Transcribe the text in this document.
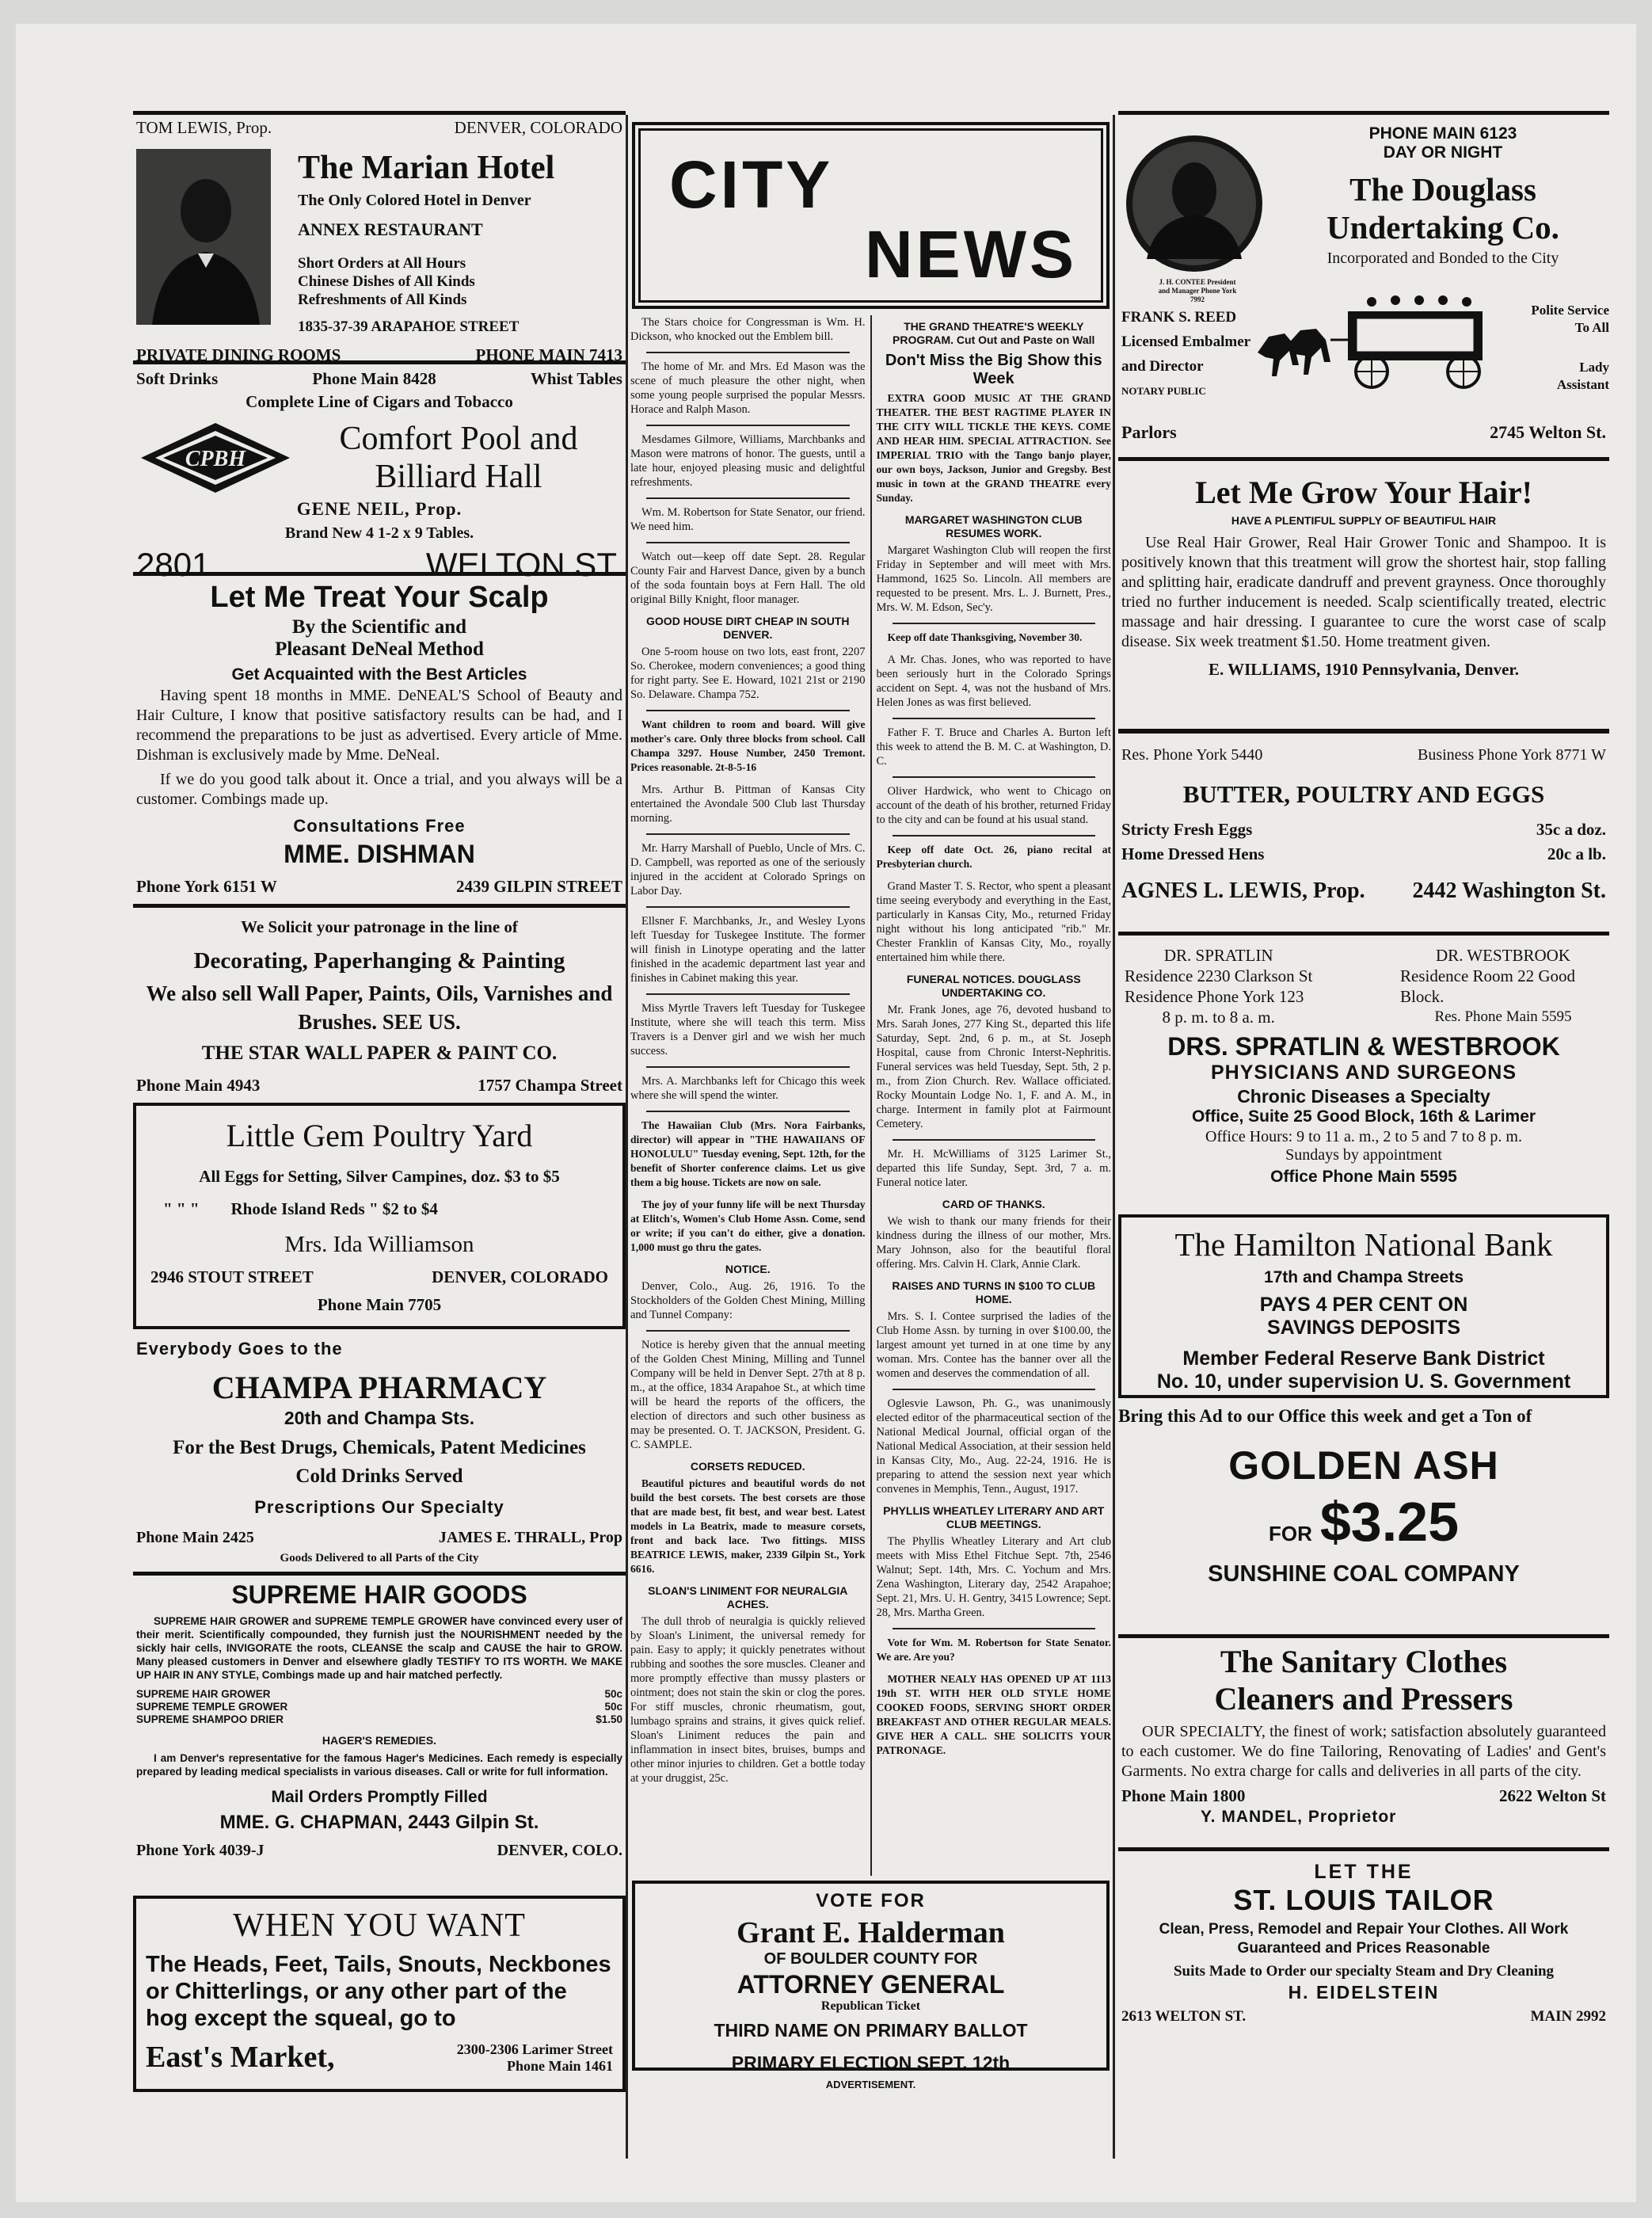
TOM LEWIS, Prop.	DENVER, COLORADO
The Marian Hotel
The Only Colored Hotel in Denver
ANNEX RESTAURANT
Short Orders at All Hours
Chinese Dishes of All Kinds
Refreshments of All Kinds
1835-37-39 ARAPAHOE STREET
PRIVATE DINING ROOMS	PHONE MAIN 7413
Soft Drinks	Phone Main 8428	Whist Tables
Complete Line of Cigars and Tobacco
CPBH
Comfort Pool and
Billiard Hall
GENE NEIL, Prop.
Brand New 4 1-2 x 9 Tables.
2801	WELTON ST.
Let Me Treat Your Scalp
By the Scientific and
Pleasant DeNeal Method
Get Acquainted with the Best Articles

Having spent 18 months in MME. DeNEAL'S School of Beauty and Hair Culture, I know that positive satisfactory results can be had, and I recommend the preparations to be just as advertised. Every article of Mme. Dishman is exclusively made by Mme. DeNeal.

If we do you good talk about it. Once a trial, and you always will be a customer. Combings made up.

Consultations Free
MME. DISHMAN
Phone York 6151 W	2439 GILPIN STREET
We Solicit your patronage in the line of
Decorating, Paperhanging & Painting
We also sell Wall Paper, Paints, Oils, Varnishes and Brushes. SEE US.
THE STAR WALL PAPER & PAINT CO.
Phone Main 4943	1757 Champa Street
Little Gem Poultry Yard
All Eggs for Setting, Silver Campines, doz. $3 to $5
" " " Rhode Island Reds " $2 to $4
Mrs. Ida Williamson
2946 STOUT STREET	DENVER, COLORADO
Phone Main 7705
Everybody Goes to the
CHAMPA PHARMACY
20th and Champa Sts.
For the Best Drugs, Chemicals, Patent Medicines
Cold Drinks Served
Prescriptions Our Specialty
Phone Main 2425	JAMES E. THRALL, Prop
Goods Delivered to all Parts of the City
SUPREME HAIR GOODS

SUPREME HAIR GROWER and SUPREME TEMPLE GROWER have convinced every user of their merit. Scientifically compounded, they furnish just the NOURISHMENT needed by the sickly hair cells, INVIGORATE the roots, CLEANSE the scalp and CAUSE the hair to GROW. Many pleased customers in Denver and elsewhere gladly TESTIFY TO ITS WORTH. We MAKE UP HAIR IN ANY STYLE, Combings made up and hair matched perfectly.

SUPREME HAIR GROWER	50c
SUPREME TEMPLE GROWER	50c
SUPREME SHAMPOO DRIER	$1.50
HAGER'S REMEDIES.

I am Denver's representative for the famous Hager's Medicines. Each remedy is especially prepared by leading medical specialists in various diseases. Call or write for full information.

Mail Orders Promptly Filled
MME. G. CHAPMAN, 2443 Gilpin St.
Phone York 4039-J	DENVER, COLO.
WHEN YOU WANT
The Heads, Feet, Tails, Snouts, Neckbones or Chitterlings, or any other part of the hog except the squeal, go to
East's Market,	2300-2306 Larimer Street
Phone Main 1461
CITY
NEWS

The Stars choice for Congressman is Wm. H. Dickson, who knocked out the Emblem bill.

The home of Mr. and Mrs. Ed Mason was the scene of much pleasure the other night, when some young people surprised the popular Messrs. Horace and Ralph Mason.

Mesdames Gilmore, Williams, Marchbanks and Mason were matrons of honor. The guests, until a late hour, enjoyed pleasing music and delightful refreshments.

Wm. M. Robertson for State Senator, our friend. We need him.

Watch out—keep off date Sept. 28. Regular County Fair and Harvest Dance, given by a bunch of the soda fountain boys at Fern Hall. The old original Billy Knight, floor manager.

GOOD HOUSE DIRT CHEAP IN SOUTH DENVER.

One 5-room house on two lots, east front, 2207 So. Cherokee, modern conveniences; a good thing for right party. See E. Howard, 1021 21st or 2190 So. Delaware. Champa 752.

Want children to room and board. Will give mother's care. Only three blocks from school. Call Champa 3297. House Number, 2450 Tremont. Prices reasonable. 2t-8-5-16

Mrs. Arthur B. Pittman of Kansas City entertained the Avondale 500 Club last Thursday morning.

Mr. Harry Marshall of Pueblo, Uncle of Mrs. C. D. Campbell, was reported as one of the seriously injured in the accident at Colorado Springs on Labor Day.

Ellsner F. Marchbanks, Jr., and Wesley Lyons left Tuesday for Tuskegee Institute. The former will finish in Linotype operating and the latter finished in the academic department last year and finishes in Cabinet making this year.

Miss Myrtle Travers left Tuesday for Tuskegee Institute, where she will teach this term. Miss Travers is a Denver girl and we wish her much success.

Mrs. A. Marchbanks left for Chicago this week where she will spend the winter.

The Hawaiian Club (Mrs. Nora Fairbanks, director) will appear in "THE HAWAIIANS OF HONOLULU" Tuesday evening, Sept. 12th, for the benefit of Shorter conference claims. Let us give them a big house. Tickets are now on sale.

The joy of your funny life will be next Thursday at Elitch's, Women's Club Home Assn. Come, send or write; if you can't do either, give a donation. 1,000 must go thru the gates.

NOTICE.

Denver, Colo., Aug. 26, 1916. To the Stockholders of the Golden Chest Mining, Milling and Tunnel Company:

Notice is hereby given that the annual meeting of the Golden Chest Mining, Milling and Tunnel Company will be held in Denver Sept. 27th at 8 p. m., at the office, 1834 Arapahoe St., at which time will be heard the reports of the officers, the election of directors and such other business as may be presented. O. T. JACKSON, President. G. C. SAMPLE.

CORSETS REDUCED.

Beautiful pictures and beautiful words do not build the best corsets. The best corsets are those that are made best, fit best, and wear best. Latest models in La Beatrix, made to measure corsets, front and back lace. Two fittings. MISS BEATRICE LEWIS, maker, 2339 Gilpin St., York 6616.

SLOAN'S LINIMENT FOR NEURALGIA ACHES.

The dull throb of neuralgia is quickly relieved by Sloan's Liniment, the universal remedy for pain. Easy to apply; it quickly penetrates without rubbing and soothes the sore muscles. Cleaner and more promptly effective than mussy plasters or ointment; does not stain the skin or clog the pores. For stiff muscles, chronic rheumatism, gout, lumbago sprains and strains, it gives quick relief. Sloan's Liniment reduces the pain and inflammation in insect bites, bruises, bumps and other minor injuries to children. Get a bottle today at your druggist, 25c.

THE GRAND THEATRE'S WEEKLY PROGRAM. Cut Out and Paste on Wall
Don't Miss the Big Show this Week

EXTRA GOOD MUSIC AT THE GRAND THEATER. THE BEST RAGTIME PLAYER IN THE CITY WILL TICKLE THE KEYS. COME AND HEAR HIM. SPECIAL ATTRACTION. See IMPERIAL TRIO with the Tango banjo player, our own boys, Jackson, Junior and Gregsby. Best music in town at the GRAND THEATRE every Sunday.

MARGARET WASHINGTON CLUB RESUMES WORK.

Margaret Washington Club will reopen the first Friday in September and will meet with Mrs. Hammond, 1625 So. Lincoln. All members are requested to be present. Mrs. L. J. Burnett, Pres., Mrs. W. M. Edson, Sec'y.

Keep off date Thanksgiving, November 30.

A Mr. Chas. Jones, who was reported to have been seriously hurt in the Colorado Springs accident on Sept. 4, was not the husband of Mrs. Helen Jones as was first believed.

Father F. T. Bruce and Charles A. Burton left this week to attend the B. M. C. at Washington, D. C.

Oliver Hardwick, who went to Chicago on account of the death of his brother, returned Friday to the city and can be found at his usual stand.

Keep off date Oct. 26, piano recital at Presbyterian church.

Grand Master T. S. Rector, who spent a pleasant time seeing everybody and everything in the East, particularly in Kansas City, Mo., returned Friday night without his long anticipated "rib." Mr. Chester Franklin of Kansas City, Mo., royally entertained him while there.

FUNERAL NOTICES. DOUGLASS UNDERTAKING CO.

Mr. Frank Jones, age 76, devoted husband to Mrs. Sarah Jones, 277 King St., departed this life Saturday, Sept. 2nd, 6 p. m., at St. Joseph Hospital, cause from Chronic Interst-Nephritis. Funeral services was held Tuesday, Sept. 5th, 2 p. m., from Zion Church. Rev. Wallace officiated. Rocky Mountain Lodge No. 1, F. and A. M., in charge. Interment in family plot at Fairmount Cemetery.

Mr. H. McWilliams of 3125 Larimer St., departed this life Sunday, Sept. 3rd, 7 a. m. Funeral notice later.

CARD OF THANKS.

We wish to thank our many friends for their kindness during the illness of our mother, Mrs. Mary Johnson, also for the beautiful floral offering. Mrs. Calvin H. Clark, Annie Clark.

RAISES AND TURNS IN $100 TO CLUB HOME.

Mrs. S. I. Contee surprised the ladies of the Club Home Assn. by turning in over $100.00, the largest amount yet turned in at one time by any woman. Mrs. Contee has the banner over all the women and deserves the commendation of all.

Oglesvie Lawson, Ph. G., was unanimously elected editor of the pharmaceutical section of the National Medical Journal, official organ of the National Medical Association, at their session held in Kansas City, Mo., Aug. 22-24, 1916. He is preparing to attend the session next year which convenes in Memphis, Tenn., August, 1917.

PHYLLIS WHEATLEY LITERARY AND ART CLUB MEETINGS.

The Phyllis Wheatley Literary and Art club meets with Miss Ethel Fitchue Sept. 7th, 2546 Walnut; Sept. 14th, Mrs. C. Yochum and Mrs. Zena Washington, Literary day, 2542 Arapahoe; Sept. 21, Mrs. U. H. Gentry, 3415 Lowrence; Sept. 28, Mrs. Martha Green.

Vote for Wm. M. Robertson for State Senator. We are. Are you?

MOTHER NEALY HAS OPENED UP AT 1113 19th ST. WITH HER OLD STYLE HOME COOKED FOODS, SERVING SHORT ORDER BREAKFAST AND OTHER REGULAR MEALS. GIVE HER A CALL. SHE SOLICITS YOUR PATRONAGE.

VOTE FOR
Grant E. Halderman
OF BOULDER COUNTY FOR
ATTORNEY GENERAL
Republican Ticket
THIRD NAME ON PRIMARY BALLOT
PRIMARY ELECTION SEPT. 12th
ADVERTISEMENT.
J. H. CONTEE President and Manager Phone York 7992
PHONE MAIN 6123
DAY OR NIGHT
The Douglass
Undertaking Co.
Incorporated and Bonded to the City
FRANK S. REED
Licensed Embalmer
and Director
NOTARY PUBLIC
Polite Service To All
Lady Assistant
Parlors	2745 Welton St.
Let Me Grow Your Hair!
HAVE A PLENTIFUL SUPPLY OF BEAUTIFUL HAIR

Use Real Hair Grower, Real Hair Grower Tonic and Shampoo. It is positively known that this treatment will grow the shortest hair, stop falling and splitting hair, eradicate dandruff and prevent grayness. Once thoroughly tried no further inducement is needed. Scalp scientifically treated, electric massage and hair dressing. I guarantee to cure the worst case of scalp disease. Six week treatment $1.50. Home treatment given.

E. WILLIAMS, 1910 Pennsylvania, Denver.
Res. Phone York 5440	Business Phone York 8771 W
BUTTER, POULTRY AND EGGS
Stricty Fresh Eggs	35c a doz.
Home Dressed Hens	20c a lb.
AGNES L. LEWIS, Prop. 2442 Washington St.
DR. SPRATLIN
Residence 2230 Clarkson St
Residence Phone York 123
8 p. m. to 8 a. m.
DR. WESTBROOK
Residence Room 22 Good Block.
Res. Phone Main 5595
DRS. SPRATLIN & WESTBROOK
PHYSICIANS AND SURGEONS
Chronic Diseases a Specialty
Office, Suite 25 Good Block, 16th & Larimer
Office Hours: 9 to 11 a. m., 2 to 5 and 7 to 8 p. m.
Sundays by appointment
Office Phone Main 5595
The Hamilton National Bank
17th and Champa Streets
PAYS 4 PER CENT ON
SAVINGS DEPOSITS
Member Federal Reserve Bank District
No. 10, under supervision U. S. Government
Bring this Ad to our Office this week and get a Ton of
GOLDEN ASH
FOR $3.25
SUNSHINE COAL COMPANY
The Sanitary Clothes
Cleaners and Pressers

OUR SPECIALTY, the finest of work; satisfaction absolutely guaranteed to each customer. We do fine Tailoring, Renovating of Ladies' and Gent's Garments. No extra charge for calls and deliveries in all parts of the city.

Phone Main 1800	2622 Welton St
Y. MANDEL, Proprietor
LET THE
ST. LOUIS TAILOR
Clean, Press, Remodel and Repair Your Clothes. All Work Guaranteed and Prices Reasonable
Suits Made to Order our specialty Steam and Dry Cleaning
H. EIDELSTEIN
2613 WELTON ST.	MAIN 2992
